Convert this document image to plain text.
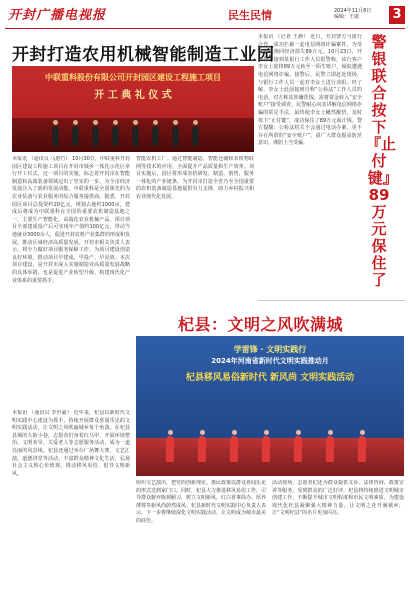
开封广播电视报	民生民情	2024年11月8日
编辑：王康	3
开封打造农用机械智能制造工业园
中联重科股份有限公司开封园区建设工程施工项目
开 工 典 礼 仪 式
本报讯 （通讯员 马惠竹） 10月30日，中联重科开封园区建设工程施工项目在开封市城乡一体化示范区举行开工仪式。这一项目的实施，标志着开封市在智能制造和高端装备领域迈出了坚实的一步，为全市经济发展注入了新的发展动能。中联重科是全国领先的为农业装备与农业服务的综合服务提供商。据悉，开封园区项目总投资约20亿元，规划占地约1000亩，建成后将成为中联重科在全国的重要农机制造基地之一，主要生产智能化、高端化农业机械产品，预计项目全部建成投产后可实现年产值约100亿元，带动当地就业3000余人，促进开封农机产业集群的形成和发展，推动区域经济高质量发展。开封市相关负责人表示，将全力做好项目服务保障工作，为项目建设创造良好环境，推动项目早建成、早投产、早见效。本次项目建设，是开封市深入实施制造业高质量发展战略的具体举措，也是促进产业转型升级、构建现代化产业体系的重要抓手。
智能农机工厂。通过智能制造、智能仓储和农机物联网等技术的应用，全面提升产品质量和生产效率。项目实施后，园区将形成农机研发、制造、销售、服务一体化的产业链条，为开封市打造全省乃至全国重要的农机装备制造基地提供有力支撑，助力乡村振兴和农业现代化发展。
本报讯 （记者 王静） 近日，开封警方与银行合作，成功拦截一起电信网络诈骗案件，为受害群众挽回经济损失89万元。10月23日，开封警方接到某银行工作人员报警称，该行客户李女士欲将89万元转至一陌生账户，疑似遭遇电信网络诈骗。接警后，民警立即赶赴现场，与银行工作人员一起对李女士进行劝阻。经了解，李女士此前接到自称“公检法”工作人员的电话，对方称其涉嫌洗钱，需将资金转入“安全账户”接受调查。民警耐心向其讲解电信网络诈骗的常见手法，最终使李女士幡然醒悟，及时按下“止付键”，成功保住了89万元血汗钱。警方提醒：公检法机关不会通过电话办案，更不存在所谓的“安全账户”，请广大群众提高防范意识，谨防上当受骗。
警银联合按下『止付键』89万元保住了
杞县：文明之风吹满城
学雷锋 · 文明实践行
2024年河南省新时代文明实践推动月
杞县移风易俗新时代 新风尚 文明实践活动
本报讯 （通讯员 李世豪） 近年来，杞县以新时代文明实践中心建设为抓手，持续开展群众喜闻乐见的文明实践活动，让文明之风吹遍城乡每个角落。在杞县县城的大街小巷，志愿者们身着红马甲，开展环境整治、文明劝导、关爱老人等志愿服务活动，成为一道亮丽的风景线。杞县还通过举办广场舞大赛、文艺汇演、道德讲堂等活动，丰富群众精神文化生活，弘扬社会主义核心价值观，推动移风易俗，倡导文明新风。
组织文艺演出，把党的创新理论、惠民政策以群众喜闻乐见的形式送到家门口。同时，杞县大力推进移风易俗工作，引导群众摒弃陈规陋习，树立文明新风，红白喜事简办、厚养薄葬等新风尚蔚然成风。杞县新时代文明实践中心负责人表示，下一步将继续深化文明实践活动，让文明成为城市最美的底色。
活动现场，志愿者们还为群众提供义诊、法律咨询、政策宣讲等服务，受到群众的广泛好评。杞县将持续推进文明城市创建工作，不断提升城市文明程度和市民文明素质，为建设现代化杞县凝聚强大精神力量，让文明之花开满城乡，让“文明杞县”的名片更加闪亮。
